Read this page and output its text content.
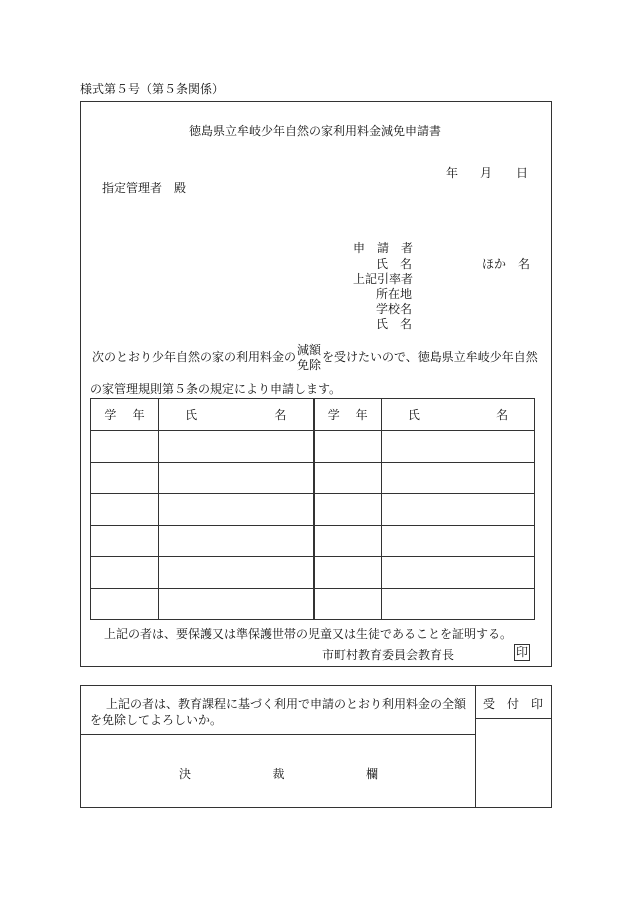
様式第５号（第５条関係）
徳島県立牟岐少年自然の家利用料金減免申請書
年 月 日
指定管理者　殿
申　請　者
氏　名	ほか　名
上記引率者
所在地
学校名
氏　名
次のとおり少年自然の家の利用料金の
減額
免除
を受けたいので、徳島県立牟岐少年自然
の家管理規則第５条の規定により申請します。
学 年	氏 名	学 年	氏 名

上記の者は、要保護又は準保護世帯の児童又は生徒であることを証明する。
市町村教育委員会教育長	印
上記の者は、教育課程に基づく利用で申請のとおり利用料金の全額
を免除してよろしいか。
受 付 印
決	裁	欄
